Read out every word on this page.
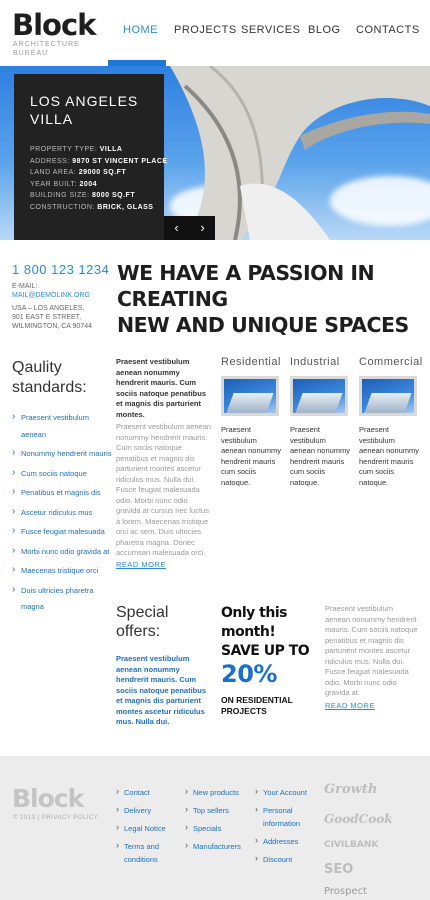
Block
ARCHITECTURE BUREAU
HOME PROJECTS SERVICES BLOG CONTACTS
LOS ANGELES VILLA
PROPERTY TYPE: VILLA
ADDRESS: 9870 ST VINCENT PLACE
LAND AREA: 29000 SQ.FT
YEAR BUILT: 2004
BUILDING SIZE: 8000 SQ.FT
CONSTRUCTION: BRICK, GLASS
‹	›
1 800 123 1234
E-MAIL:
MAIL@DEMOLINK.ORG
USA – LOS ANGELES,
901 EAST E STREET,
WILMINGTON, CA 90744
WE HAVE A PASSION IN
CREATING
NEW AND UNIQUE SPACES
Qaulity standards:
› Praesent vestibulum aenean
› Nonummy hendrerit mauris
› Cum sociis natoque
› Penatibus et magnis dis
› Ascetur ridiculus mus
› Fusce feugiat malesuada
› Morbi nunc odio gravida at
› Maecenas tristique orci
› Duis ultricies pharetra magna
Praesent vestibulum aenean nonummy hendrerit mauris. Cum sociis natoque penatibus et magnis dis parturient montes.
Praesent vestibulum aenean nonummy hendrerit mauris. Cum sociis natoque penatibus et magnis dis parturient montes ascetur ridiculus mus. Nulla dui. Fusce feugiat malesuada odio. Morbi nunc odio gravida at cursus nec luctus a lorem. Maecenas tristique orci ac sem. Duis ultricies pharetra magna. Donec accumsan malesuada orci.
READ MORE
Residential
Praesent vestibulum aenean nonummy hendrerit mauris cum sociis natoque.
Industrial
Praesent vestibulum aenean nonummy hendrerit mauris cum sociis natoque.
Commercial
Praesent vestibulum aenean nonummy hendrerit mauris cum sociis natoque.
Special offers:
Praesent vestibulum aenean nonummy hendrerit mauris. Cum sociis natoque penatibus et magnis dis parturient montes ascetur ridiculus mus. Nulla dui.
Only this month!
SAVE UP TO
20%
ON RESIDENTIAL PROJECTS
Praesent vestibulum aenean nonummy hendrerit mauris. Cum sociis natoque penatibus et magnis dis parturient montes ascetur ridiculus mus. Nulla dui. Fusce feugiat malesuada odio. Morbi nunc odio gravida at.
READ MORE
Block
© 2013 | PRIVACY POLICY
› Contact
› Delivery
› Legal Notice
› Terms and conditions
› New products
› Top sellers
› Specials
› Manufacturers
› Your Account
› Personal information
› Addresses
› Discount
Growth
GoodCook
CIVILBANK
SEO
Prospect
